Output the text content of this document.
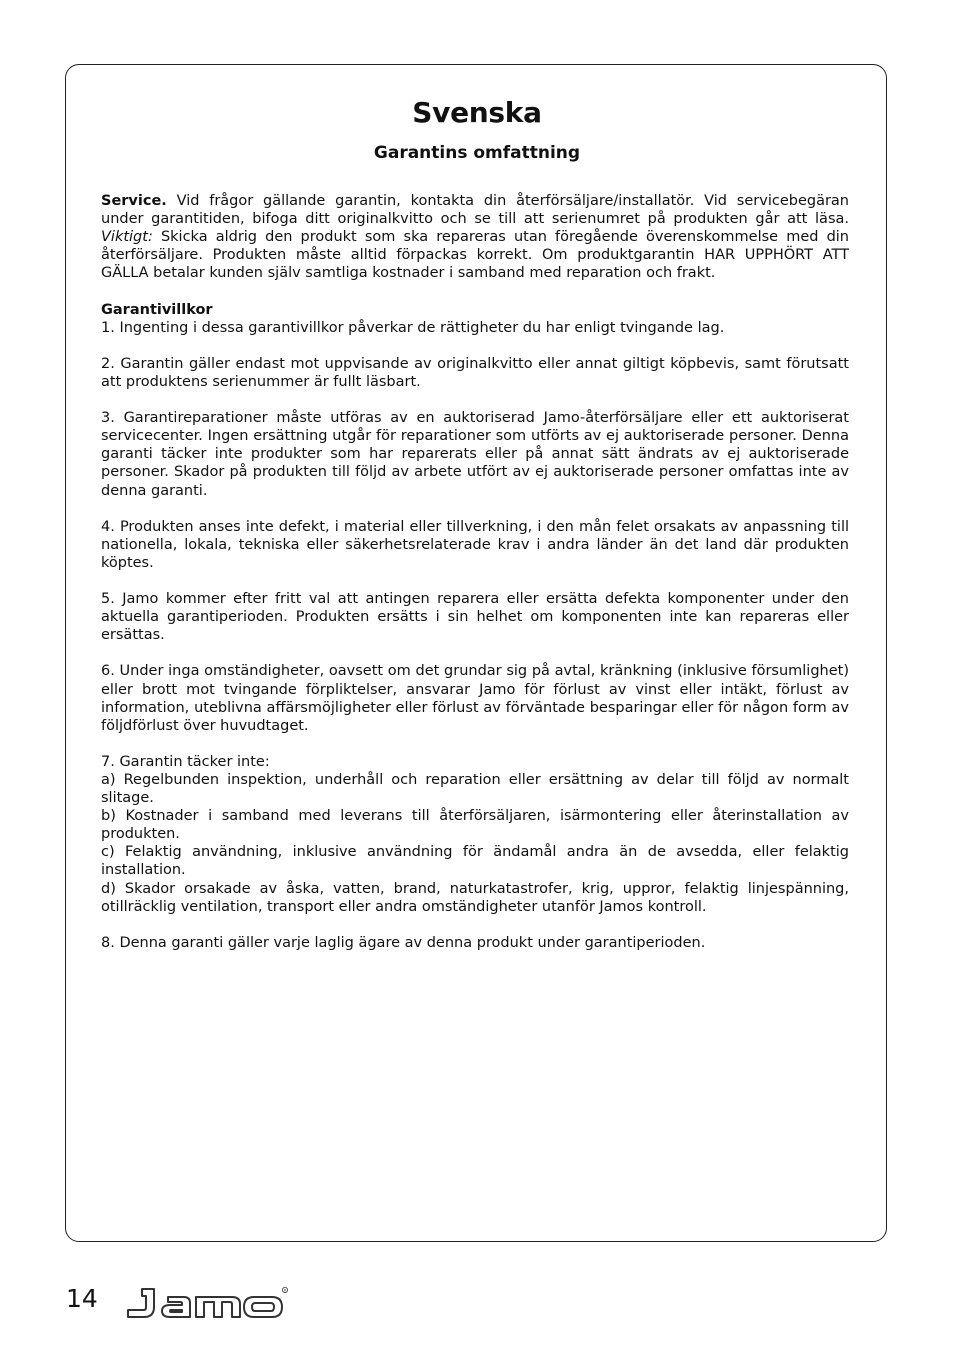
Svenska
Garantins omfattning

Service. Vid frågor gällande garantin, kontakta din återförsäljare/installatör. Vid servicebegäran under garantitiden, bifoga ditt originalkvitto och se till att serienumret på produkten går att läsa. Viktigt: Skicka aldrig den produkt som ska repareras utan föregående överenskommelse med din återförsäljare. Produkten måste alltid förpackas korrekt. Om produktgarantin HAR UPPHÖRT ATT GÄLLA betalar kunden själv samtliga kostnader i samband med reparation och frakt.

Garantivillkor

1. Ingenting i dessa garantivillkor påverkar de rättigheter du har enligt tvingande lag.

2. Garantin gäller endast mot uppvisande av originalkvitto eller annat giltigt köpbevis, samt förutsatt att produktens serienummer är fullt läsbart.

3. Garantireparationer måste utföras av en auktoriserad Jamo-återförsäljare eller ett auktoriserat servicecenter. Ingen ersättning utgår för reparationer som utförts av ej auktoriserade personer. Denna garanti täcker inte produkter som har reparerats eller på annat sätt ändrats av ej auktoriserade personer. Skador på produkten till följd av arbete utfört av ej auktoriserade personer omfattas inte av denna garanti.

4. Produkten anses inte defekt, i material eller tillverkning, i den mån felet orsakats av anpassning till nationella, lokala, tekniska eller säkerhetsrelaterade krav i andra länder än det land där produkten köptes.

5. Jamo kommer efter fritt val att antingen reparera eller ersätta defekta komponenter under den aktuella garantiperioden. Produkten ersätts i sin helhet om komponenten inte kan repareras eller ersättas.

6. Under inga omständigheter, oavsett om det grundar sig på avtal, kränkning (inklusive försumlighet) eller brott mot tvingande förpliktelser, ansvarar Jamo för förlust av vinst eller intäkt, förlust av information, uteblivna affärsmöjligheter eller förlust av förväntade besparingar eller för någon form av följdförlust över huvudtaget.

7. Garantin täcker inte:
a) Regelbunden inspektion, underhåll och reparation eller ersättning av delar till följd av normalt slitage.
b) Kostnader i samband med leverans till återförsäljaren, isärmontering eller återinstallation av produkten.
c) Felaktig användning, inklusive användning för ändamål andra än de avsedda, eller felaktig installation.

d) Skador orsakade av åska, vatten, brand, naturkatastrofer, krig, uppror, felaktig linjespänning, otillräcklig ventilation, transport eller andra omständigheter utanför Jamos kontroll.

8. Denna garanti gäller varje laglig ägare av denna produkt under garantiperioden.

14	R
